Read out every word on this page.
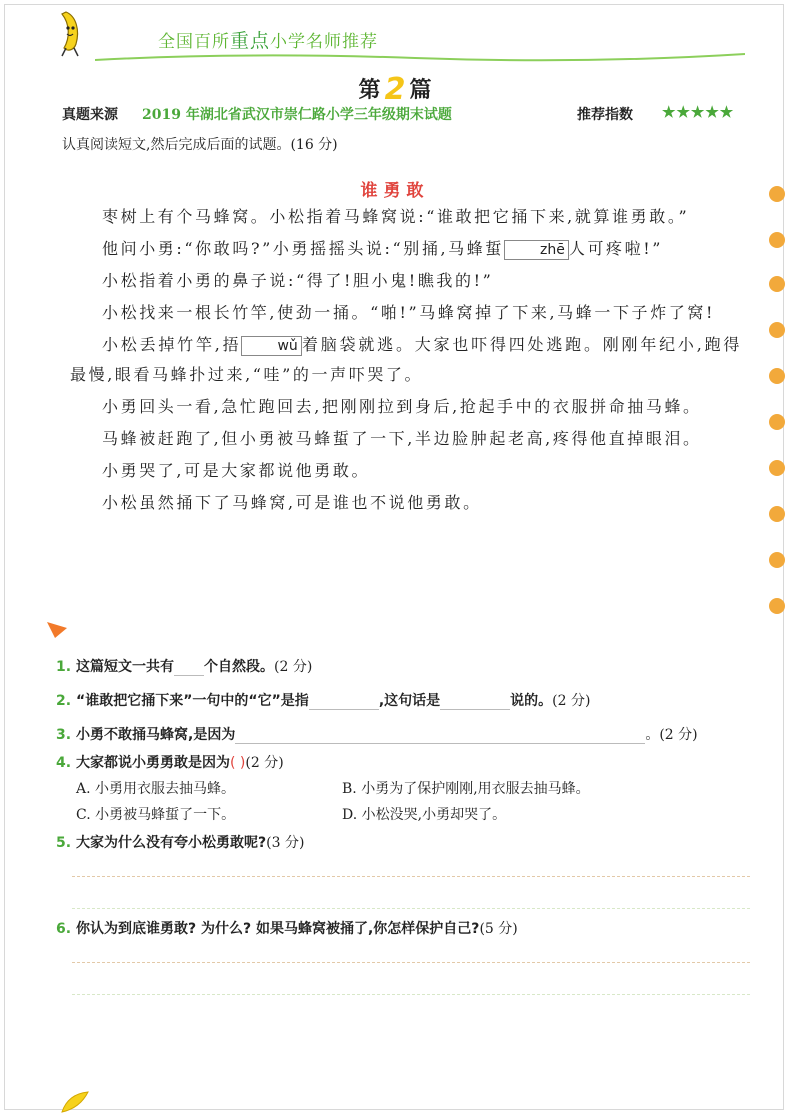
全国百所重点小学名师推荐
第 2 篇
真题来源 2019 年湖北省武汉市崇仁路小学三年级期末试题	推荐指数 ★★★★★
认真阅读短文,然后完成后面的试题。(16 分)
谁勇敢

枣树上有个马蜂窝。小松指着马蜂窝说:“谁敢把它捅下来,就算谁勇敢。”

他问小勇:“你敢吗?”小勇摇摇头说:“别捅,马蜂蜇	zhē 人可疼啦!”

小松指着小勇的鼻子说:“得了!胆小鬼!瞧我的!”

小松找来一根长竹竿,使劲一捅。“啪!”马蜂窝掉了下来,马蜂一下子炸了窝!

小松丢掉竹竿,捂	wǔ 着脑袋就逃。大家也吓得四处逃跑。刚刚年纪小,跑得最慢,眼看马蜂扑过来,“哇”的一声吓哭了。

小勇回头一看,急忙跑回去,把刚刚拉到身后,抢起手中的衣服拼命抽马蜂。

马蜂被赶跑了,但小勇被马蜂蜇了一下,半边脸肿起老高,疼得他直掉眼泪。

小勇哭了,可是大家都说他勇敢。

小松虽然捅下了马蜂窝,可是谁也不说他勇敢。

1. 这篇短文一共有 个自然段。(2 分)
2. “谁敢把它捅下来”一句中的“它”是指	,这句话是	说的。(2 分)
3. 小勇不敢捅马蜂窝,是因为	。(2 分)
4. 大家都说小勇勇敢是因为( )(2 分)
A. 小勇用衣服去抽马蜂。	B. 小勇为了保护刚刚,用衣服去抽马蜂。
C. 小勇被马蜂蜇了一下。	D. 小松没哭,小勇却哭了。
5. 大家为什么没有夸小松勇敢呢?(3 分)
6. 你认为到底谁勇敢? 为什么? 如果马蜂窝被捅了,你怎样保护自己?(5 分)
